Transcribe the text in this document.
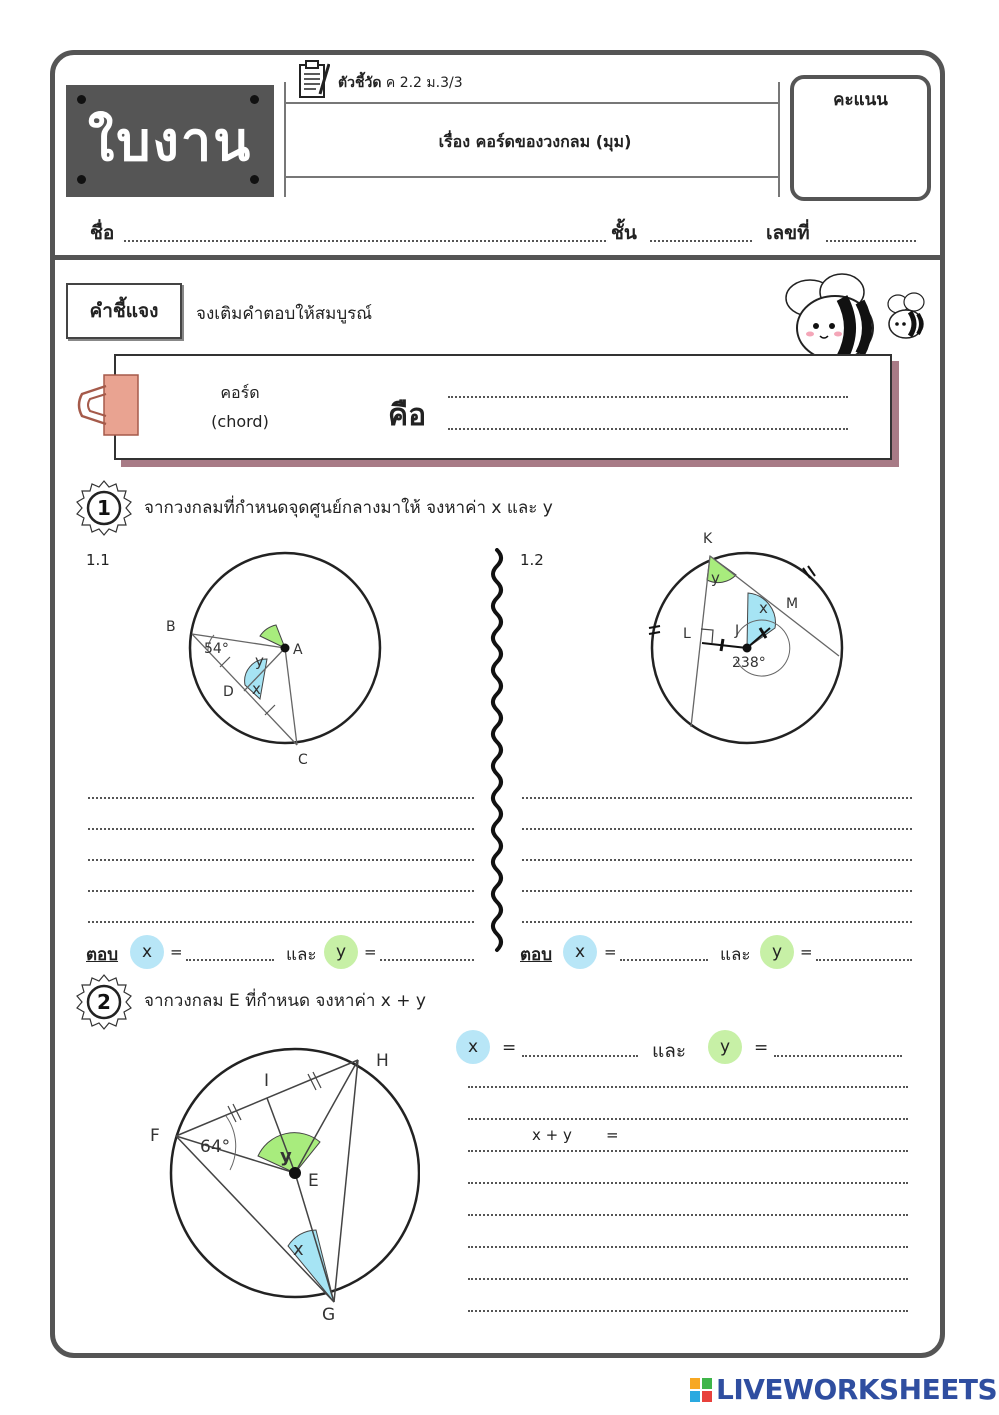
ใบงาน
ตัวชี้วัด ค 2.2 ม.3/3
เรื่อง คอร์ดของวงกลม (มุม)
คะแนน
ชื่อ	ชั้น	เลขที่
คำชี้แจง	จงเติมคำตอบให้สมบูรณ์
คอร์ด
(chord)	คือ
1 จากวงกลมที่กำหนดจุดศูนย์กลางมาให้ จงหาค่า x และ y
1.1	1.2
B
A
C
D
54°
y
x
K
M
L	J
238°
x
y
ตอบ	x	=	และ	y	=	ตอบ	x	=	และ	y	=
2 จากวงกลม E ที่กำหนด จงหาค่า x + y
F
H
I
E
G
64°	y
x
x	=	และ	y	=
x + y =
LIVEWORKSHEETS
